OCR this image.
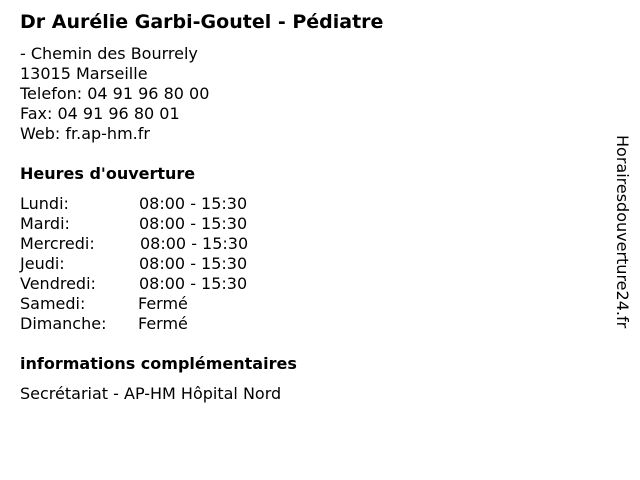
Dr Aurélie Garbi-Goutel - Pédiatre
- Chemin des Bourrely
13015 Marseille
Telefon: 04 91 96 80 00
Fax: 04 91 96 80 01
Web: fr.ap-hm.fr
Heures d'ouverture
Lundi:	08:00 - 15:30
Mardi:	08:00 - 15:30
Mercredi:	08:00 - 15:30
Jeudi:	08:00 - 15:30
Vendredi:	08:00 - 15:30
Samedi:	Fermé
Dimanche: Fermé
informations complémentaires
Secrétariat - AP-HM Hôpital Nord
Horairesdouverture24.fr
